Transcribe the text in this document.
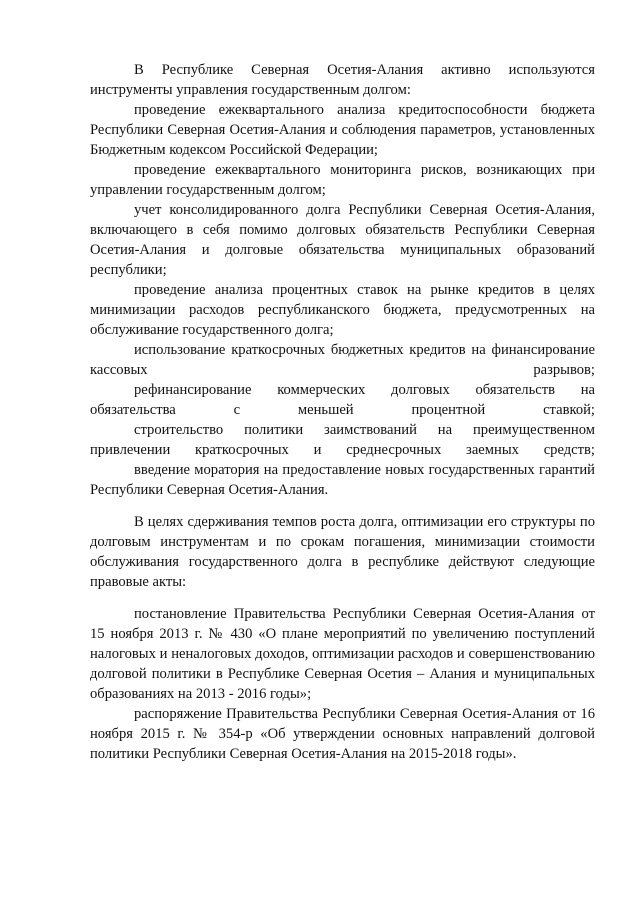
В Республике Северная Осетия-Алания активно используются инструменты управления государственным долгом:

проведение ежеквартального анализа кредитоспособности бюджета Республики Северная Осетия-Алания и соблюдения параметров, установленных Бюджетным кодексом Российской Федерации;

проведение ежеквартального мониторинга рисков, возникающих при управлении государственным долгом;

учет консолидированного долга Республики Северная Осетия-Алания, включающего в себя помимо долговых обязательств Республики Северная Осетия-Алания и долговые обязательства муниципальных образований республики;

проведение анализа процентных ставок на рынке кредитов в целях минимизации расходов республиканского бюджета, предусмотренных на обслуживание государственного долга;

использование краткосрочных бюджетных кредитов на финансирование кассовых разрывов;

рефинансирование коммерческих долговых обязательств на обязательства с меньшей процентной ставкой;

строительство политики заимствований на преимущественном привлечении краткосрочных и среднесрочных заемных средств;

введение моратория на предоставление новых государственных гарантий Республики Северная Осетия-Алания.

В целях сдерживания темпов роста долга, оптимизации его структуры по долговым инструментам и по срокам погашения, минимизации стоимости обслуживания государственного долга в республике действуют следующие правовые акты:

постановление Правительства Республики Северная Осетия-Алания от 15 ноября 2013 г. № 430 «О плане мероприятий по увеличению поступлений налоговых и неналоговых доходов, оптимизации расходов и совершенствованию долговой политики в Республике Северная Осетия – Алания и муниципальных образованиях на 2013 - 2016 годы»;

распоряжение Правительства Республики Северная Осетия-Алания от 16 ноября 2015 г. № 354-р «Об утверждении основных направлений долговой политики Республики Северная Осетия-Алания на 2015-2018 годы».
